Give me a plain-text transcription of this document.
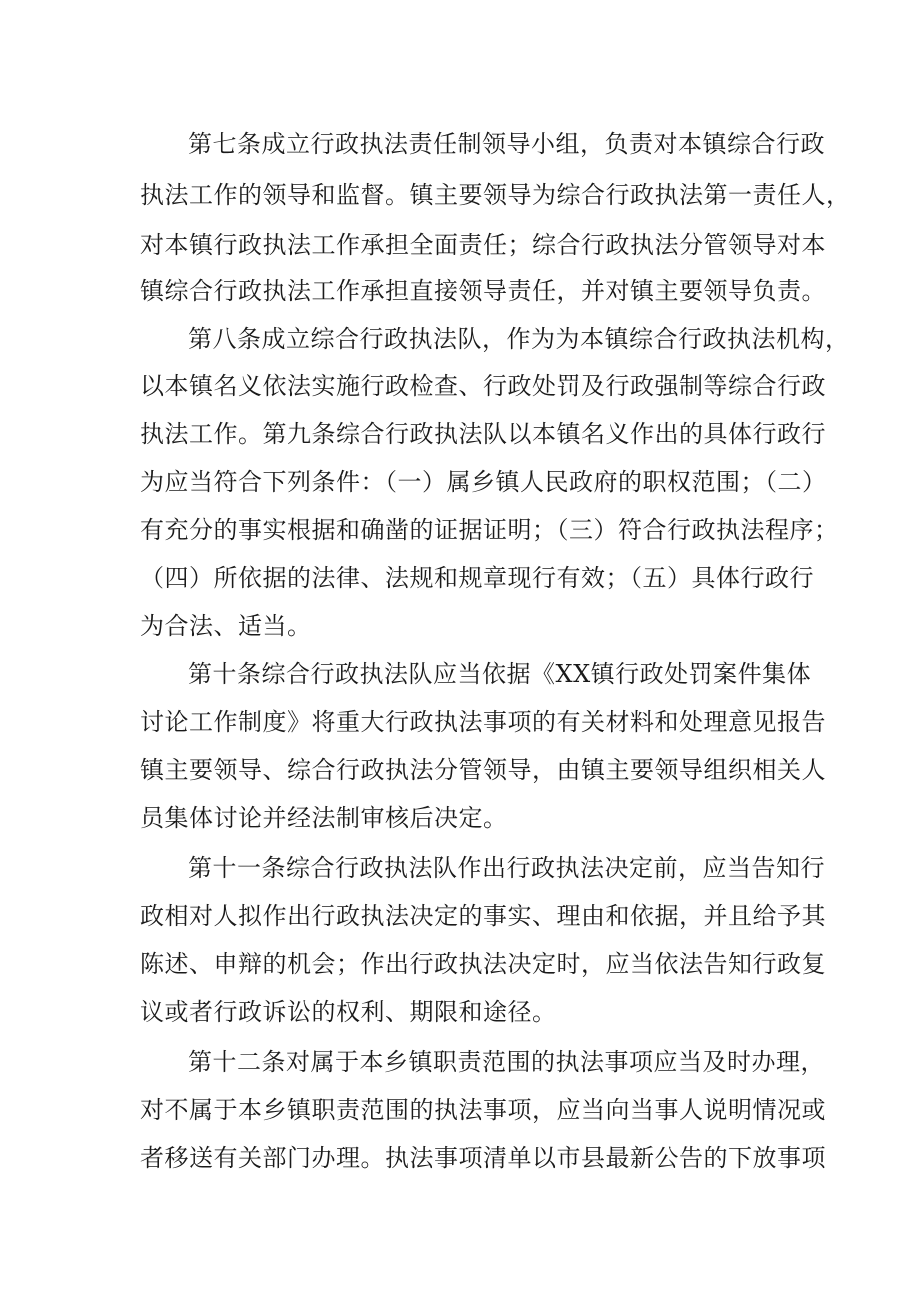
第七条成立行政执法责任制领导小组，负责对本镇综合行政
执法工作的领导和监督。镇主要领导为综合行政执法第一责任人，
对本镇行政执法工作承担全面责任；综合行政执法分管领导对本
镇综合行政执法工作承担直接领导责任，并对镇主要领导负责。
第八条成立综合行政执法队，作为为本镇综合行政执法机构，
以本镇名义依法实施行政检查、行政处罚及行政强制等综合行政
执法工作。第九条综合行政执法队以本镇名义作出的具体行政行
为应当符合下列条件：（一）属乡镇人民政府的职权范围；（二）
有充分的事实根据和确凿的证据证明；（三）符合行政执法程序；
（四）所依据的法律、法规和规章现行有效；（五）具体行政行
为合法、适当。
第十条综合行政执法队应当依据《XX镇行政处罚案件集体
讨论工作制度》将重大行政执法事项的有关材料和处理意见报告
镇主要领导、综合行政执法分管领导，由镇主要领导组织相关人
员集体讨论并经法制审核后决定。
第十一条综合行政执法队作出行政执法决定前，应当告知行
政相对人拟作出行政执法决定的事实、理由和依据，并且给予其
陈述、申辩的机会；作出行政执法决定时，应当依法告知行政复
议或者行政诉讼的权利、期限和途径。
第十二条对属于本乡镇职责范围的执法事项应当及时办理，
对不属于本乡镇职责范围的执法事项，应当向当事人说明情况或
者移送有关部门办理。执法事项清单以市县最新公告的下放事项
